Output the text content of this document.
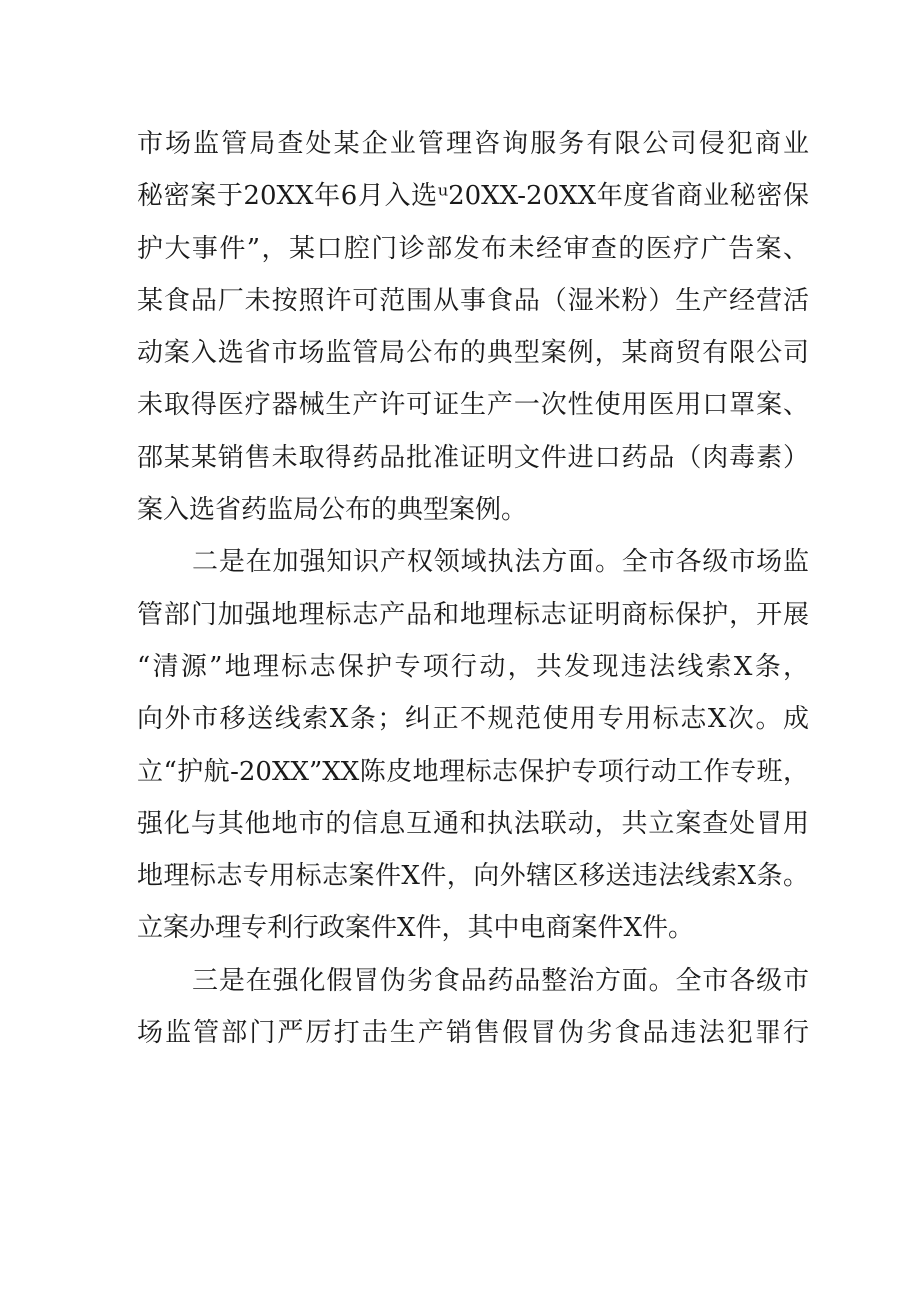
市场监管局查处某企业管理咨询服务有限公司侵犯商业
秘密案于20XX年6月入选ᵘ20XX-20XX年度省商业秘密保
护大事件”，某口腔门诊部发布未经审查的医疗广告案、
某食品厂未按照许可范围从事食品（湿米粉）生产经营活
动案入选省市场监管局公布的典型案例，某商贸有限公司
未取得医疗器械生产许可证生产一次性使用医用口罩案、
邵某某销售未取得药品批准证明文件进口药品（肉毒素）
案入选省药监局公布的典型案例。
二是在加强知识产权领域执法方面。全市各级市场监
管部门加强地理标志产品和地理标志证明商标保护，开展
“清源”地理标志保护专项行动，共发现违法线索X条，
向外市移送线索X条；纠正不规范使用专用标志X次。成
立“护航-20XX”XX陈皮地理标志保护专项行动工作专班，
强化与其他地市的信息互通和执法联动，共立案查处冒用
地理标志专用标志案件X件，向外辖区移送违法线索X条。
立案办理专利行政案件X件，其中电商案件X件。
三是在强化假冒伪劣食品药品整治方面。全市各级市
场监管部门严厉打击生产销售假冒伪劣食品违法犯罪行
